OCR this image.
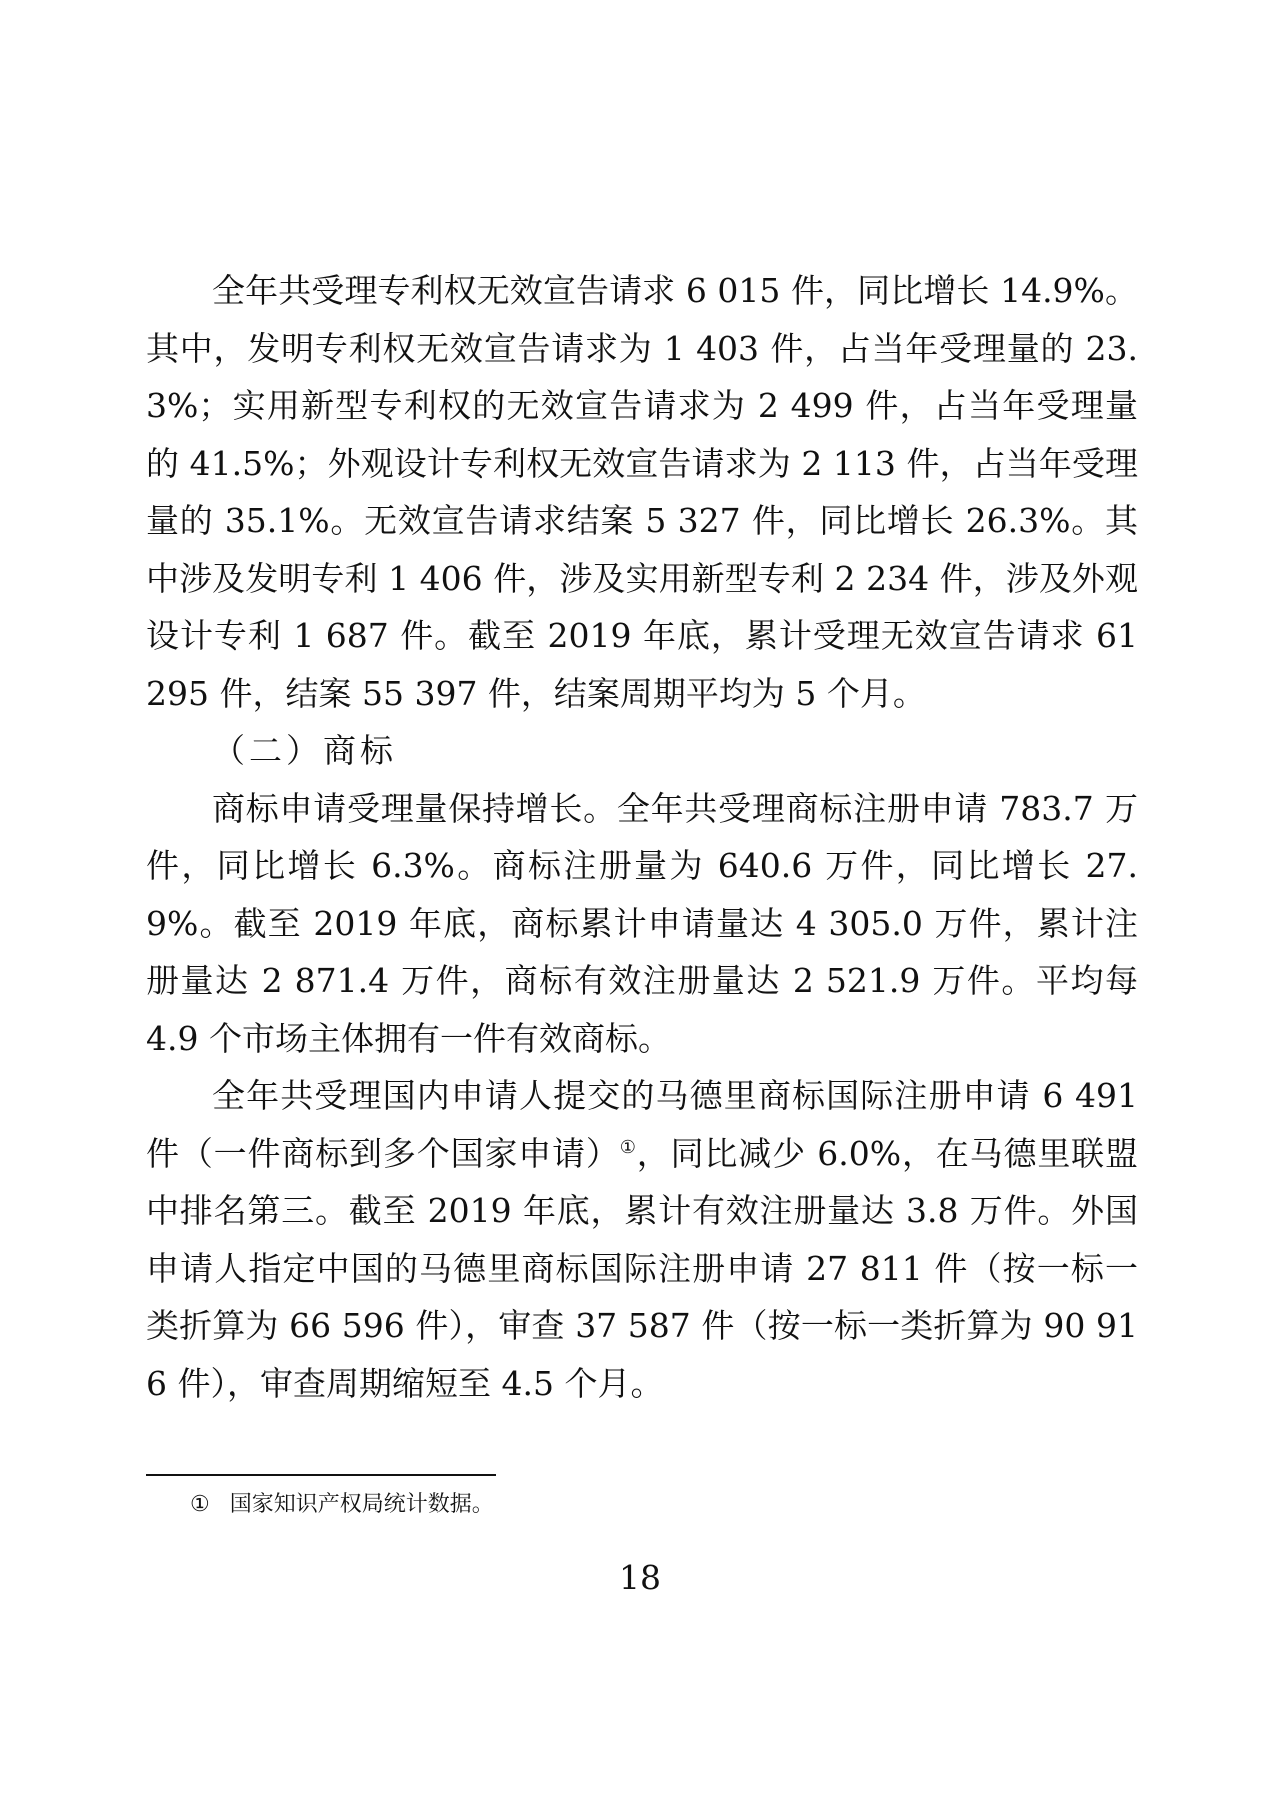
全年共受理专利权无效宣告请求 6 015 件，同比增长 14.9%。其中，发明专利权无效宣告请求为 1 403 件，占当年受理量的 23.3%；实用新型专利权的无效宣告请求为 2 499 件，占当年受理量的 41.5%；外观设计专利权无效宣告请求为 2 113 件，占当年受理量的 35.1%。无效宣告请求结案 5 327 件，同比增长 26.3%。其中涉及发明专利 1 406 件，涉及实用新型专利 2 234 件，涉及外观设计专利 1 687 件。截至 2019 年底，累计受理无效宣告请求 61 295 件，结案 55 397 件，结案周期平均为 5 个月。

（二）商标

商标申请受理量保持增长。全年共受理商标注册申请 783.7 万件，同比增长 6.3%。商标注册量为 640.6 万件，同比增长 27.9%。截至 2019 年底，商标累计申请量达 4 305.0 万件，累计注册量达 2 871.4 万件，商标有效注册量达 2 521.9 万件。平均每 4.9 个市场主体拥有一件有效商标。

全年共受理国内申请人提交的马德里商标国际注册申请 6 491 件（一件商标到多个国家申请）①，同比减少 6.0%，在马德里联盟中排名第三。截至 2019 年底，累计有效注册量达 3.8 万件。外国申请人指定中国的马德里商标国际注册申请 27 811 件（按一标一类折算为 66 596 件），审查 37 587 件（按一标一类折算为 90 916 件），审查周期缩短至 4.5 个月。

① 国家知识产权局统计数据。
18
